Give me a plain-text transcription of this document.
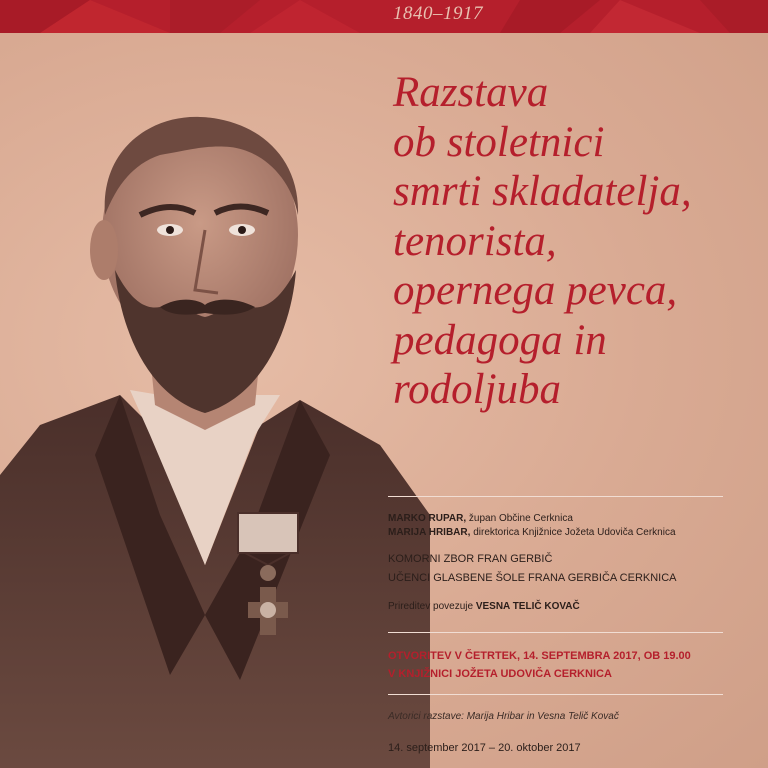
1840–1917
Razstava
ob stoletnici
smrti skladatelja,
tenorista,
opernega pevca,
pedagoga in
rodoljuba
MARKO RUPAR, župan Občine Cerknica
MARIJA HRIBAR, direktorica Knjižnice Jožeta Udoviča Cerknica
KOMORNI ZBOR FRAN GERBIČ
UČENCI GLASBENE ŠOLE FRANA GERBIČA CERKNICA
Prireditev povezuje VESNA TELIČ KOVAČ
OTVORITEV V ČETRTEK, 14. SEPTEMBRA 2017, OB 19.00
V KNJIŽNICI JOŽETA UDOVIČA CERKNICA
Avtorici razstave: Marija Hribar in Vesna Telič Kovač
14. september 2017 – 20. oktober 2017
